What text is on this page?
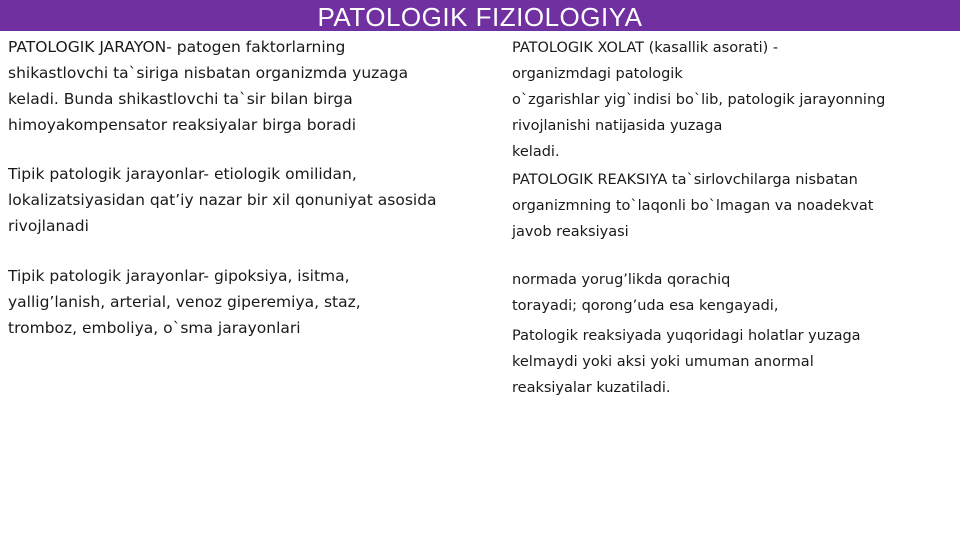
PATOLOGIK FIZIOLOGIYA
PATOLOGIK JARAYON- patogen faktorlarning
shikastlovchi ta`siriga nisbatan organizmda yuzaga
keladi. Bunda shikastlovchi ta`sir bilan birga
himoyakompensator reaksiyalar birga boradi
Tipik patologik jarayonlar- etiologik omilidan,
lokalizatsiyasidan qat’iy nazar bir xil qonuniyat asosida
rivojlanadi
Tipik patologik jarayonlar- gipoksiya, isitma,
yallig’lanish, arterial, venoz giperemiya, staz,
tromboz, emboliya, o`sma jarayonlari
PATOLOGIK XOLAT (kasallik asorati) -
organizmdagi patologik
o`zgarishlar yig`indisi bo`lib, patologik jarayonning
rivojlanishi natijasida yuzaga
keladi.
PATOLOGIK REAKSIYA ta`sirlovchilarga nisbatan
organizmning to`laqonli bo`lmagan va noadekvat
javob reaksiyasi
normada yorug’likda qorachiq
torayadi; qorong’uda esa kengayadi,
Patologik reaksiyada yuqoridagi holatlar yuzaga
kelmaydi yoki aksi yoki umuman anormal
reaksiyalar kuzatiladi.
